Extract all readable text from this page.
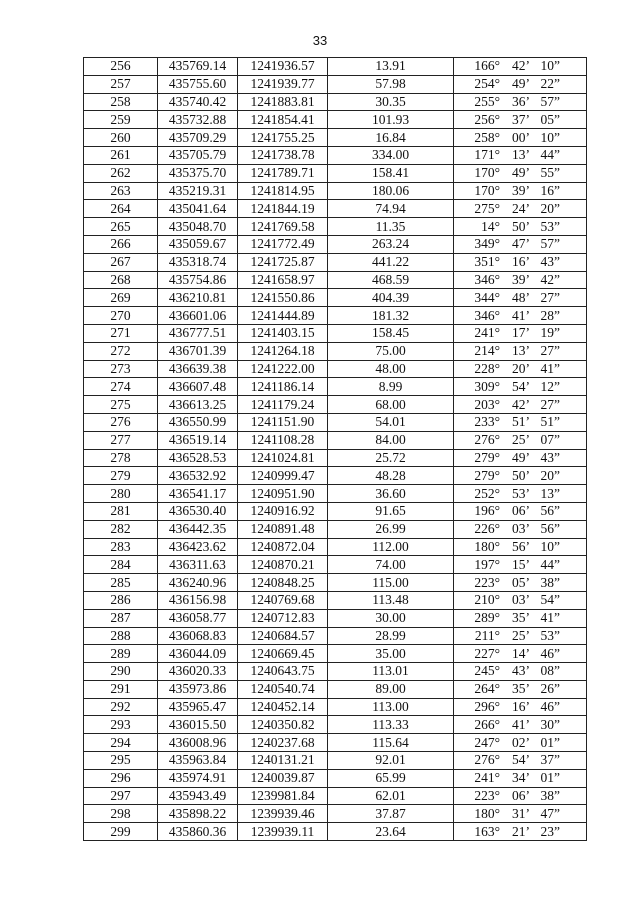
33
256	435769.14	1241936.57	13.91	166° 42’ 10”
257	435755.60	1241939.77	57.98	254° 49’ 22”
258	435740.42	1241883.81	30.35	255° 36’ 57”
259	435732.88	1241854.41	101.93	256° 37’ 05”
260	435709.29	1241755.25	16.84	258° 00’ 10”
261	435705.79	1241738.78	334.00	171° 13’ 44”
262	435375.70	1241789.71	158.41	170° 49’ 55”
263	435219.31	1241814.95	180.06	170° 39’ 16”
264	435041.64	1241844.19	74.94	275° 24’ 20”
265	435048.70	1241769.58	11.35	14° 50’ 53”
266	435059.67	1241772.49	263.24	349° 47’ 57”
267	435318.74	1241725.87	441.22	351° 16’ 43”
268	435754.86	1241658.97	468.59	346° 39’ 42”
269	436210.81	1241550.86	404.39	344° 48’ 27”
270	436601.06	1241444.89	181.32	346° 41’ 28”
271	436777.51	1241403.15	158.45	241° 17’ 19”
272	436701.39	1241264.18	75.00	214° 13’ 27”
273	436639.38	1241222.00	48.00	228° 20’ 41”
274	436607.48	1241186.14	8.99	309° 54’ 12”
275	436613.25	1241179.24	68.00	203° 42’ 27”
276	436550.99	1241151.90	54.01	233° 51’ 51”
277	436519.14	1241108.28	84.00	276° 25’ 07”
278	436528.53	1241024.81	25.72	279° 49’ 43”
279	436532.92	1240999.47	48.28	279° 50’ 20”
280	436541.17	1240951.90	36.60	252° 53’ 13”
281	436530.40	1240916.92	91.65	196° 06’ 56”
282	436442.35	1240891.48	26.99	226° 03’ 56”
283	436423.62	1240872.04	112.00	180° 56’ 10”
284	436311.63	1240870.21	74.00	197° 15’ 44”
285	436240.96	1240848.25	115.00	223° 05’ 38”
286	436156.98	1240769.68	113.48	210° 03’ 54”
287	436058.77	1240712.83	30.00	289° 35’ 41”
288	436068.83	1240684.57	28.99	211° 25’ 53”
289	436044.09	1240669.45	35.00	227° 14’ 46”
290	436020.33	1240643.75	113.01	245° 43’ 08”
291	435973.86	1240540.74	89.00	264° 35’ 26”
292	435965.47	1240452.14	113.00	296° 16’ 46”
293	436015.50	1240350.82	113.33	266° 41’ 30”
294	436008.96	1240237.68	115.64	247° 02’ 01”
295	435963.84	1240131.21	92.01	276° 54’ 37”
296	435974.91	1240039.87	65.99	241° 34’ 01”
297	435943.49	1239981.84	62.01	223° 06’ 38”
298	435898.22	1239939.46	37.87	180° 31’ 47”
299	435860.36	1239939.11	23.64	163° 21’ 23”
